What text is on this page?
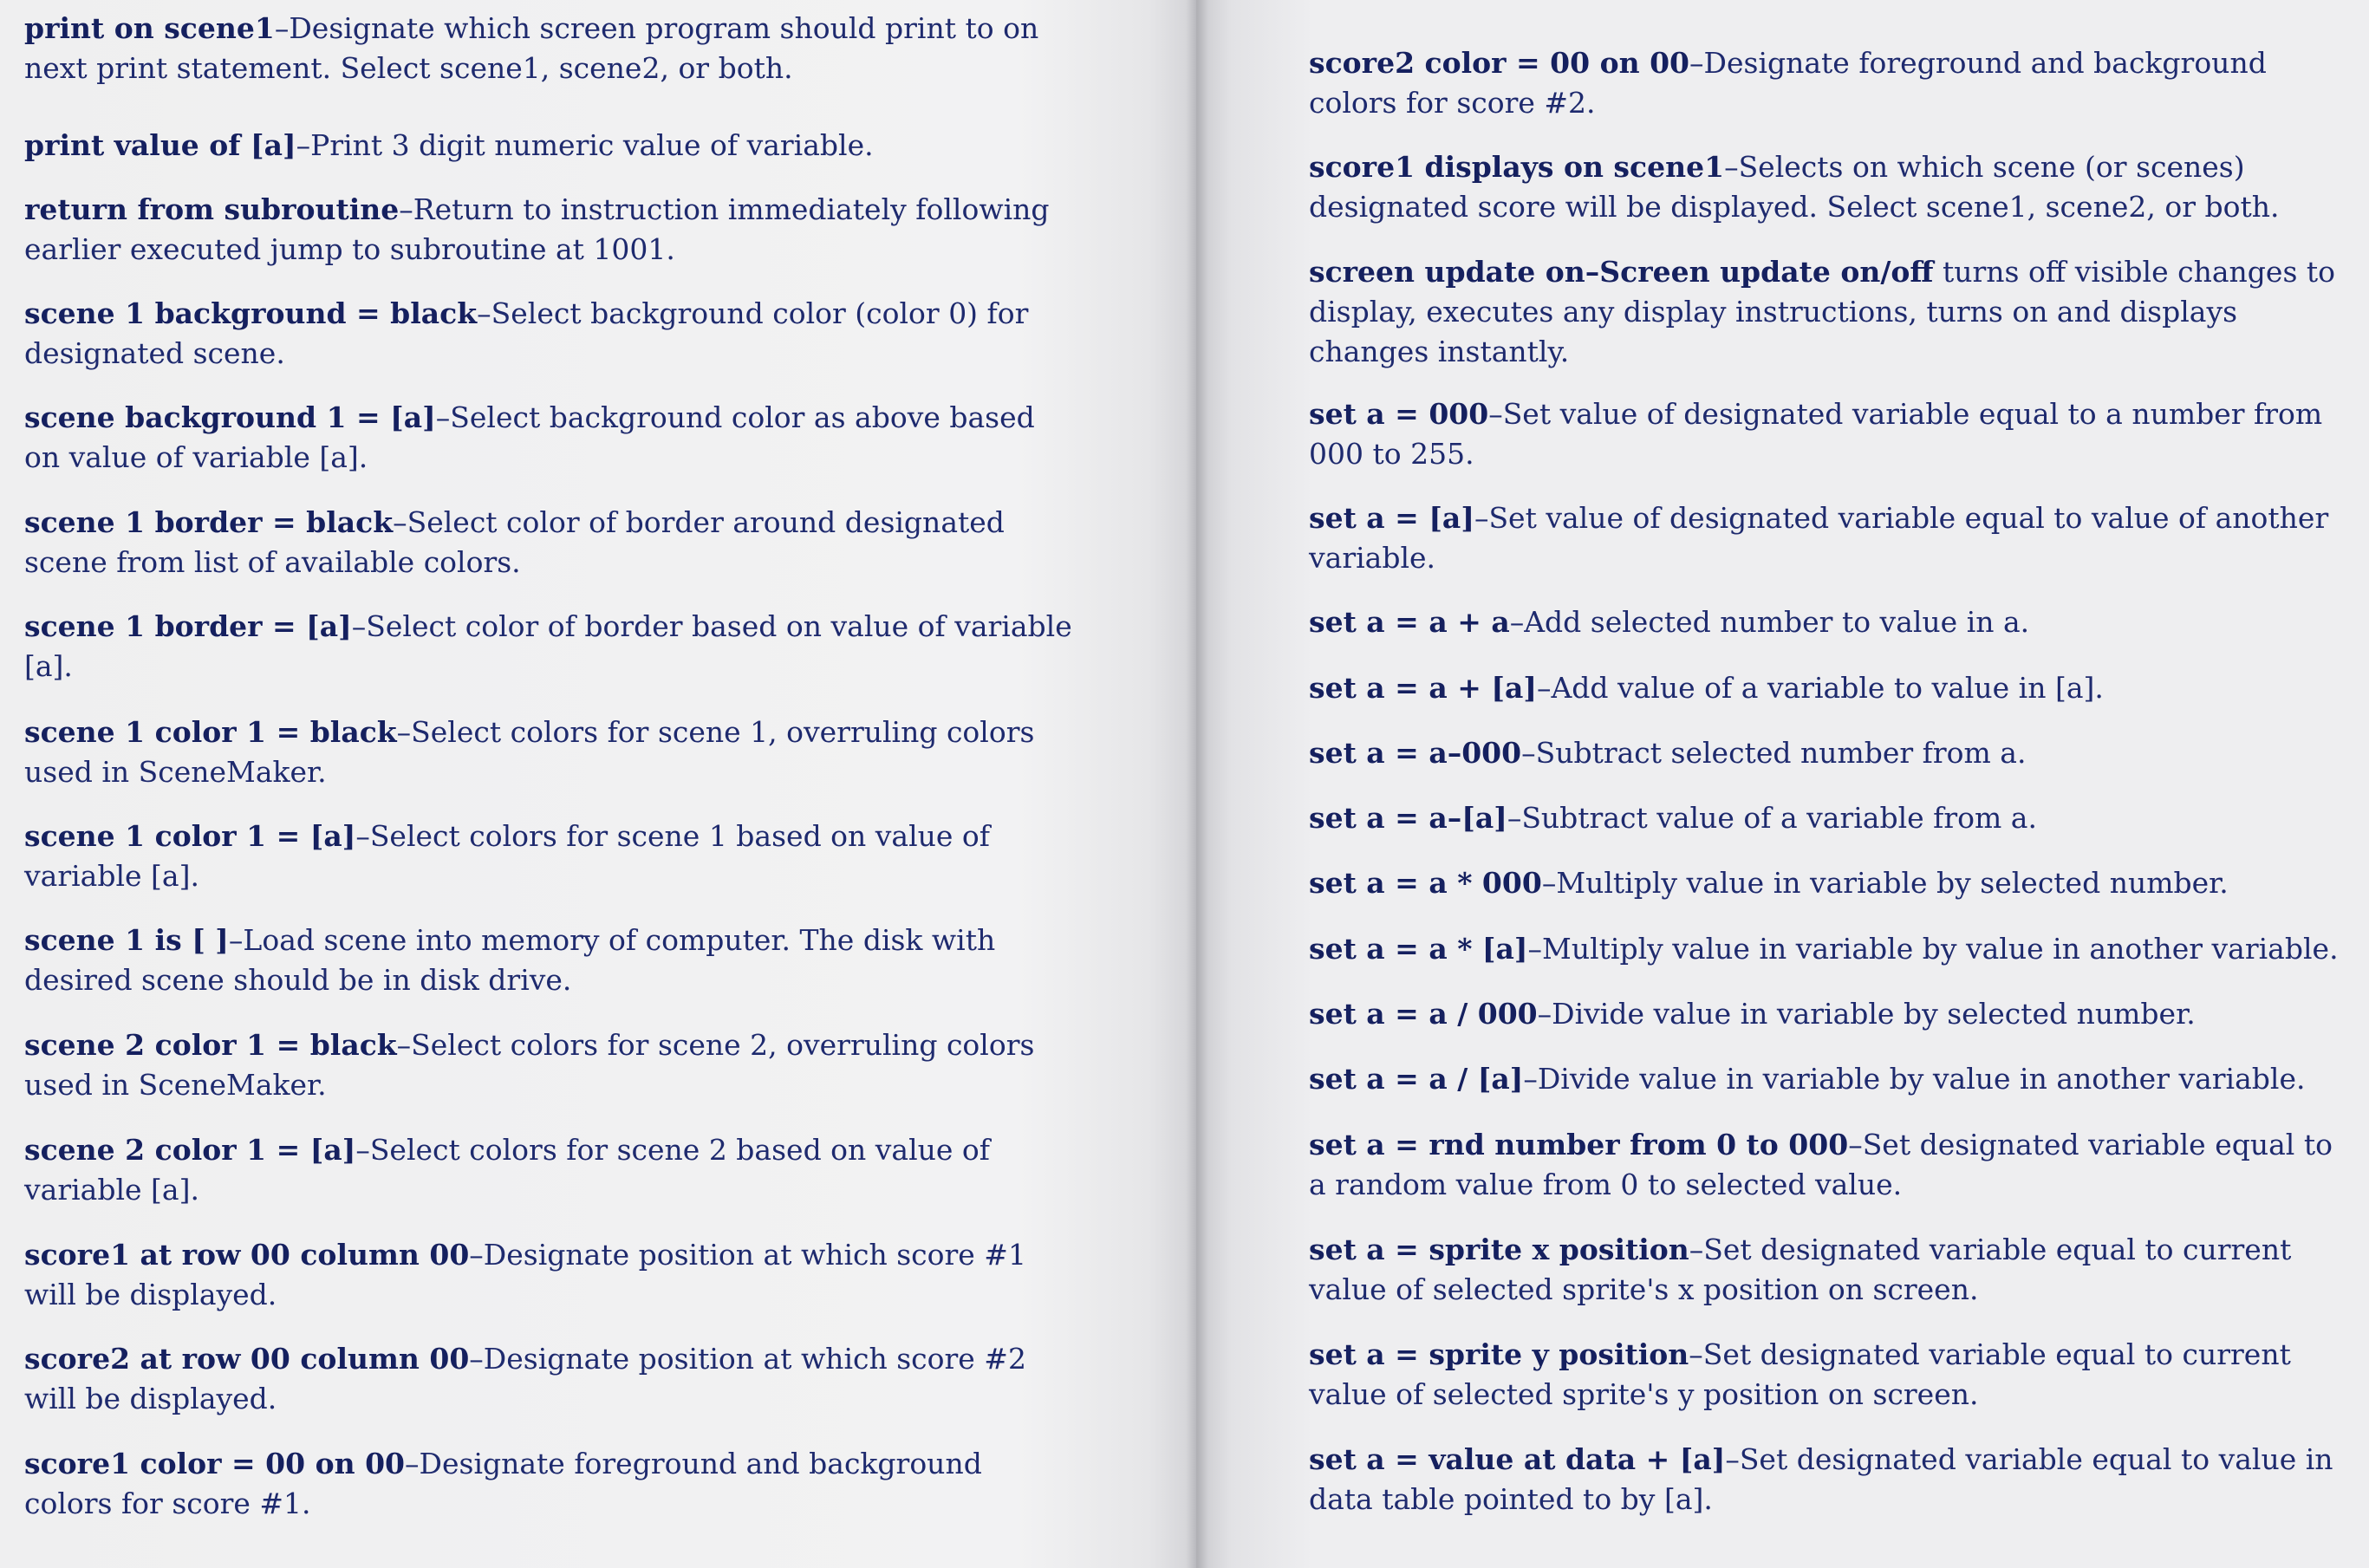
print on scene1–Designate which screen program should print to on next print statement. Select scene1, scene2, or both.

print value of [a]–Print 3 digit numeric value of variable.

return from subroutine–Return to instruction immediately following earlier executed jump to subroutine at 1001.

scene 1 background = black–Select background color (color 0) for designated scene.

scene background 1 = [a]–Select background color as above based on value of variable [a].

scene 1 border = black–Select color of border around designated scene from list of available colors.

scene 1 border = [a]–Select color of border based on value of variable [a].

scene 1 color 1 = black–Select colors for scene 1, overruling colors used in SceneMaker.

scene 1 color 1 = [a]–Select colors for scene 1 based on value of variable [a].

scene 1 is [ ]–Load scene into memory of computer. The disk with desired scene should be in disk drive.

scene 2 color 1 = black–Select colors for scene 2, overruling colors used in SceneMaker.

scene 2 color 1 = [a]–Select colors for scene 2 based on value of variable [a].

score1 at row 00 column 00–Designate position at which score #1 will be displayed.

score2 at row 00 column 00–Designate position at which score #2 will be displayed.

score1 color = 00 on 00–Designate foreground and background colors for score #1.

score2 color = 00 on 00–Designate foreground and background colors for score #2.

score1 displays on scene1–Selects on which scene (or scenes) designated score will be displayed. Select scene1, scene2, or both.

screen update on–Screen update on/off turns off visible changes to display, executes any display instructions, turns on and displays changes instantly.

set a = 000–Set value of designated variable equal to a number from 000 to 255.

set a = [a]–Set value of designated variable equal to value of another variable.

set a = a + a–Add selected number to value in a.

set a = a + [a]–Add value of a variable to value in [a].

set a = a–000–Subtract selected number from a.

set a = a–[a]–Subtract value of a variable from a.

set a = a * 000–Multiply value in variable by selected number.

set a = a * [a]–Multiply value in variable by value in another variable.

set a = a / 000–Divide value in variable by selected number.

set a = a / [a]–Divide value in variable by value in another variable.

set a = rnd number from 0 to 000–Set designated variable equal to a random value from 0 to selected value.

set a = sprite x position–Set designated variable equal to current value of selected sprite's x position on screen.

set a = sprite y position–Set designated variable equal to current value of selected sprite's y position on screen.

set a = value at data + [a]–Set designated variable equal to value in data table pointed to by [a].
